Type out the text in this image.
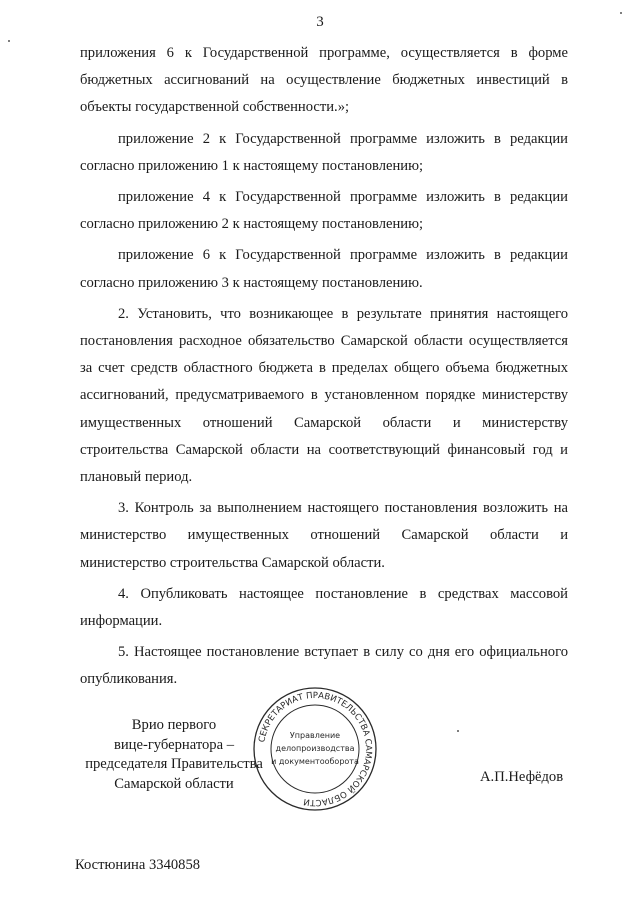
3

приложения 6 к Государственной программе, осуществляется в форме бюджетных ассигнований на осуществление бюджетных инвестиций в объекты государственной собственности.»;

приложение 2 к Государственной программе изложить в редакции согласно приложению 1 к настоящему постановлению;

приложение 4 к Государственной программе изложить в редакции согласно приложению 2 к настоящему постановлению;

приложение 6 к Государственной программе изложить в редакции согласно приложению 3 к настоящему постановлению.

2. Установить, что возникающее в результате принятия настоящего постановления расходное обязательство Самарской области осуществляется за счет средств областного бюджета в пределах общего объема бюджетных ассигнований, предусматриваемого в установленном порядке министерству имущественных отношений Самарской области и министерству строительства Самарской области на соответствующий финансовый год и плановый период.

3. Контроль за выполнением настоящего постановления возложить на министерство имущественных отношений Самарской области и министерство строительства Самарской области.

4. Опубликовать настоящее постановление в средствах массовой информации.

5. Настоящее постановление вступает в силу со дня его официального опубликования.

Врио первого
вице-губернатора –
председателя Правительства
Самарской области
СЕКРЕТАРИАТ ПРАВИТЕЛЬСТВА САМАРСКОЙ ОБЛАСТИ
Управление
делопроизводства
и документооборота
А.П.Нефёдов
Костюнина 3340858
